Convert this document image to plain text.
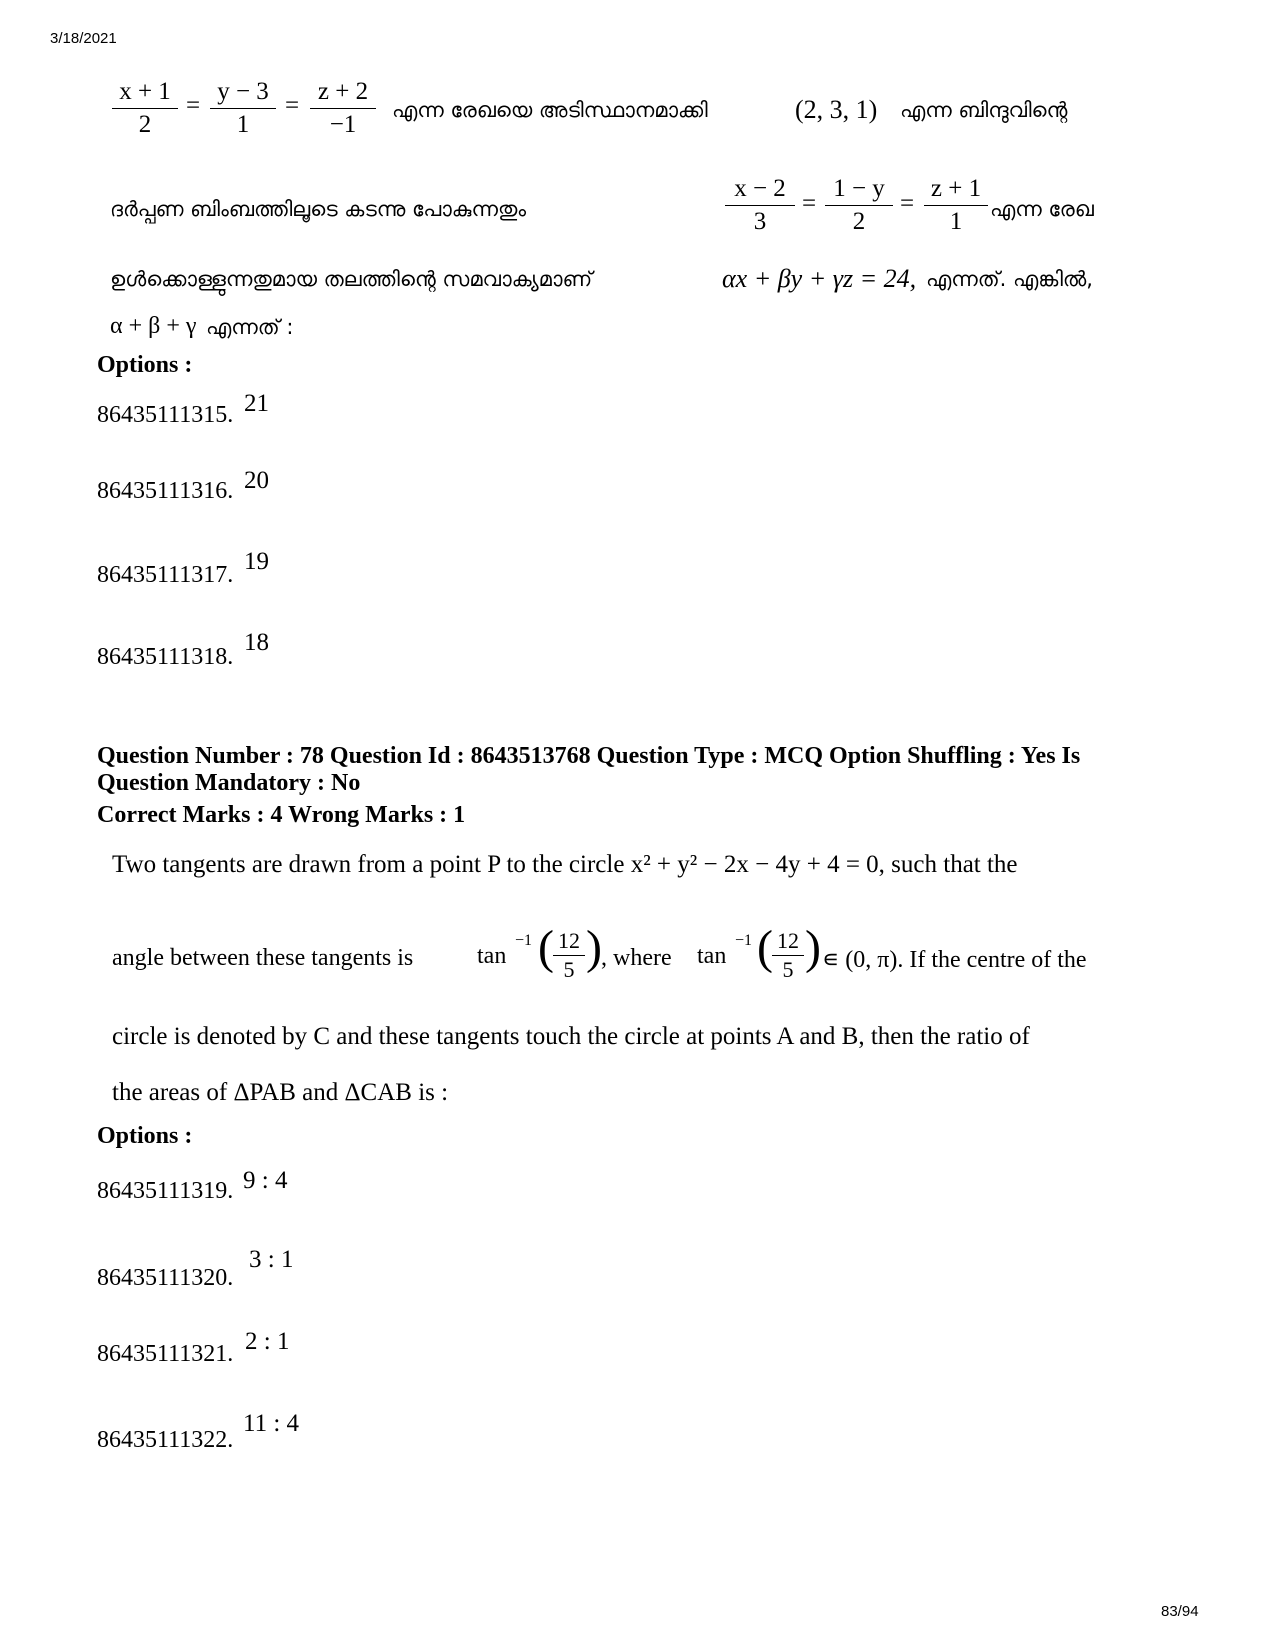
3/18/2021
$\frac{x + 1}{2} = \frac{y - 3}{1} = \frac{z + 2}{-1}$ എന്ന രേഖയെ അടിസ്ഥാനമാക്കി	(2, 3, 1) എന്ന ബിന്ദുവിന്റെ
ദർപ്പണ ബിംബത്തിലൂടെ കടന്നു പോകുന്നതും	$\frac{x - 2}{3} = \frac{1 - y}{2} = \frac{z + 1}{1}$ എന്ന രേഖ
ഉൾക്കൊള്ളുന്നതുമായ തലത്തിന്റെ സമവാക്യമാണ്	αx + βy + γz = 24, എന്നത്. എങ്കിൽ,
α + β + γ എന്നത് :
Options :
86435111315. 21
86435111316. 20
86435111317. 19
86435111318.
18
Question Number : 78 Question Id : 8643513768 Question Type : MCQ Option Shuffling : Yes Is
Question Mandatory : No
Correct Marks : 4 Wrong Marks : 1
Two tangents are drawn from a point P to the circle x² + y² − 2x − 4y + 4 = 0, such that the
angle between these tangents is	tan
−1 ( $\frac{12}{5}$ ) , where tan
−1 ( $\frac{12}{5}$ ) ∊ (0, π). If the centre of the
circle is denoted by C and these tangents touch the circle at points A and B, then the ratio of
the areas of ΔPAB and ΔCAB is :
Options :
86435111319. 9 : 4
86435111320.
3 : 1
86435111321. 2 : 1
86435111322.
11 : 4
83/94
